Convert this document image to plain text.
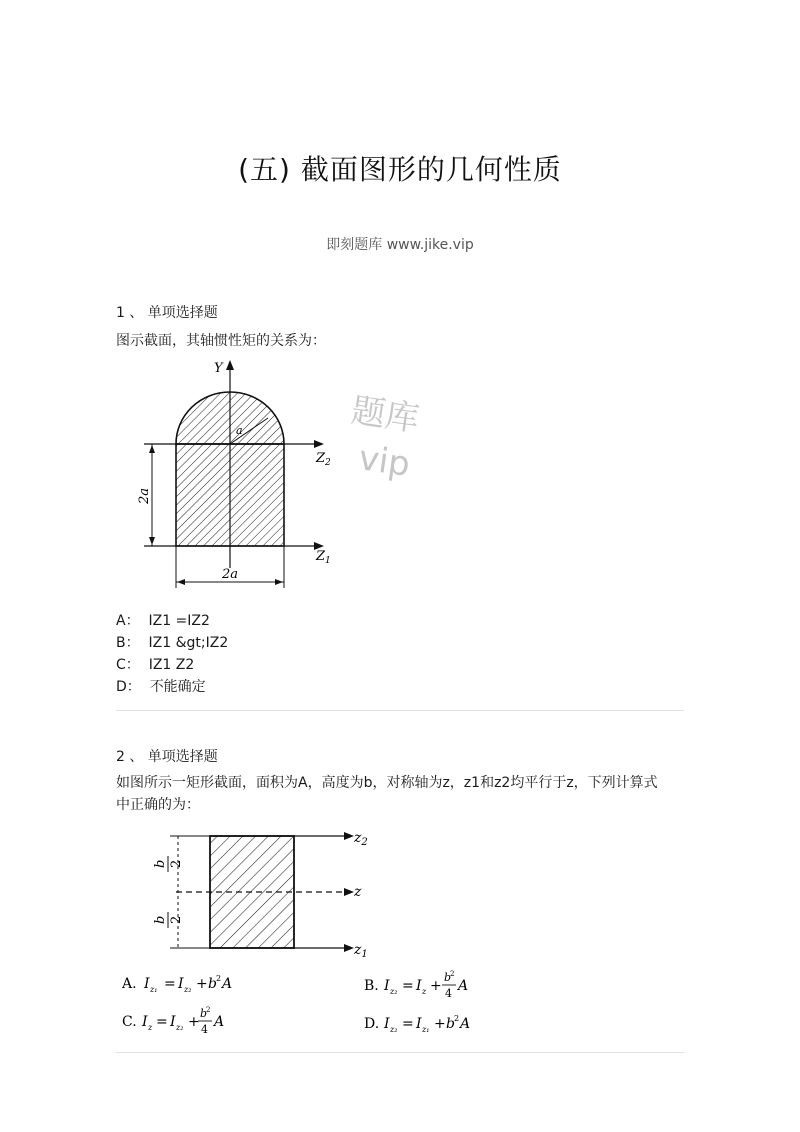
(五) 截面图形的几何性质
即刻题库 www.jike.vip
题库
vip
1 、 单项选择题
图示截面，其轴惯性矩的关系为：
Y
$Z_2$
$Z_1$
a
2a
2a
A： IZ1 =IZ2
B： IZ1 &gt;IZ2
C： IZ1 Z2
D： 不能确定
2 、 单项选择题
如图所示一矩形截面，面积为A，高度为b，对称轴为z，z1和z2均平行于z，下列计算式
中正确的为：
$z_2$
z
$z_1$
b 2
b 2
A. I z₁ = I z₂ + b 2 A	B. I z₂ = I z +
b
2
4 A
C. I z = I z₂ +
b
2
4 A	D. I z₂ = I z₁ + b 2 A
